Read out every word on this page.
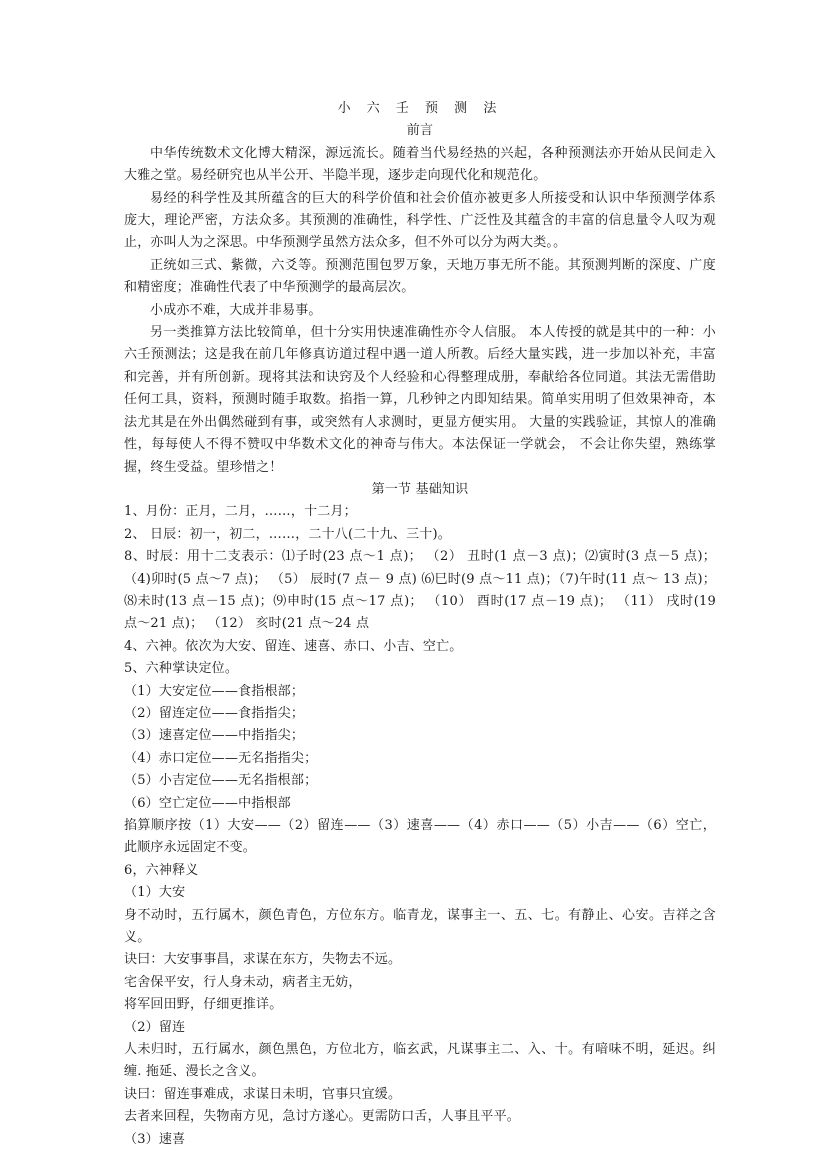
小 六 壬 预 测 法

前言

中华传统数术文化博大精深，源远流长。随着当代易经热的兴起，各种预测法亦开始从民间走入大雅之堂。易经研究也从半公开、半隐半现，逐步走向现代化和规范化。

易经的科学性及其所蕴含的巨大的科学价值和社会价值亦被更多人所接受和认识中华预测学体系庞大，理论严密，方法众多。其预测的准确性，科学性、广泛性及其蕴含的丰富的信息量令人叹为观止，亦叫人为之深思。中华预测学虽然方法众多，但不外可以分为两大类。。

正统如三式、紫微，六爻等。预测范围包罗万象，天地万事无所不能。其预测判断的深度、广度和精密度；准确性代表了中华预测学的最高层次。

小成亦不难，大成并非易事。

另一类推算方法比较简单，但十分实用快速准确性亦令人信服。 本人传授的就是其中的一种：小六壬预测法；这是我在前几年修真访道过程中遇一道人所教。后经大量实践，进一步加以补充，丰富和完善，并有所创新。现将其法和诀窍及个人经验和心得整理成册，奉献给各位同道。其法无需借助任何工具，资料，预测时随手取数。掐指一算，几秒钟之内即知结果。简单实用明了但效果神奇，本法尤其是在外出偶然碰到有事，或突然有人求测时，更显方便实用。 大量的实践验证，其惊人的准确性，每每使人不得不赞叹中华数术文化的神奇与伟大。本法保证一学就会， 不会让你失望，熟练掌握，终生受益。望珍惜之！

第一节 基础知识

1、月份：正月，二月，……，十二月；

2、 日辰：初一，初二，……，二十八(二十九、三十)。

8、时辰：用十二支表示：⑴子时(23 点～1 点)； （2） 丑时(1 点－3 点)；⑵寅时(3 点－5 点)；（4)卯时(5 点～7 点)； （5） 辰时(7 点－ 9 点) ⑹巳时(9 点～11 点)；（7)午时(11 点～ 13 点)；⑻未时(13 点－15 点)；⑼申时(15 点～17 点)； （10） 酉时(17 点－19 点)； （11） 戌时(19 点～21 点)； （12） 亥时(21 点～24 点

4、六神。依次为大安、留连、速喜、赤口、小吉、空亡。

5、六种掌诀定位。

（1）大安定位——食指根部；

（2）留连定位——食指指尖；

（3）速喜定位——中指指尖；

（4）赤口定位——无名指指尖；

（5）小吉定位——无名指根部；

（6）空亡定位——中指根部

掐算顺序按（1）大安——（2）留连——（3）速喜——（4）赤口——（5）小吉——（6）空亡，此顺序永远固定不变。

6，六神释义

（1）大安

身不动时，五行属木，颜色青色，方位东方。临青龙，谋事主一、五、七。有静止、心安。吉祥之含义。

诀曰：大安事事昌，求谋在东方，失物去不远。

宅舍保平安，行人身未动，病者主无妨，

将军回田野，仔细更推详。

（2）留连

人未归时，五行属水，颜色黑色，方位北方，临玄武，凡谋事主二、入、十。有喑味不明，延迟。纠缠. 拖延、漫长之含义。

诀曰：留连事难成，求谋日未明，官事只宜缓。

去者来回程，失物南方见，急讨方遂心。更需防口舌，人事且平平。

（3）速喜
